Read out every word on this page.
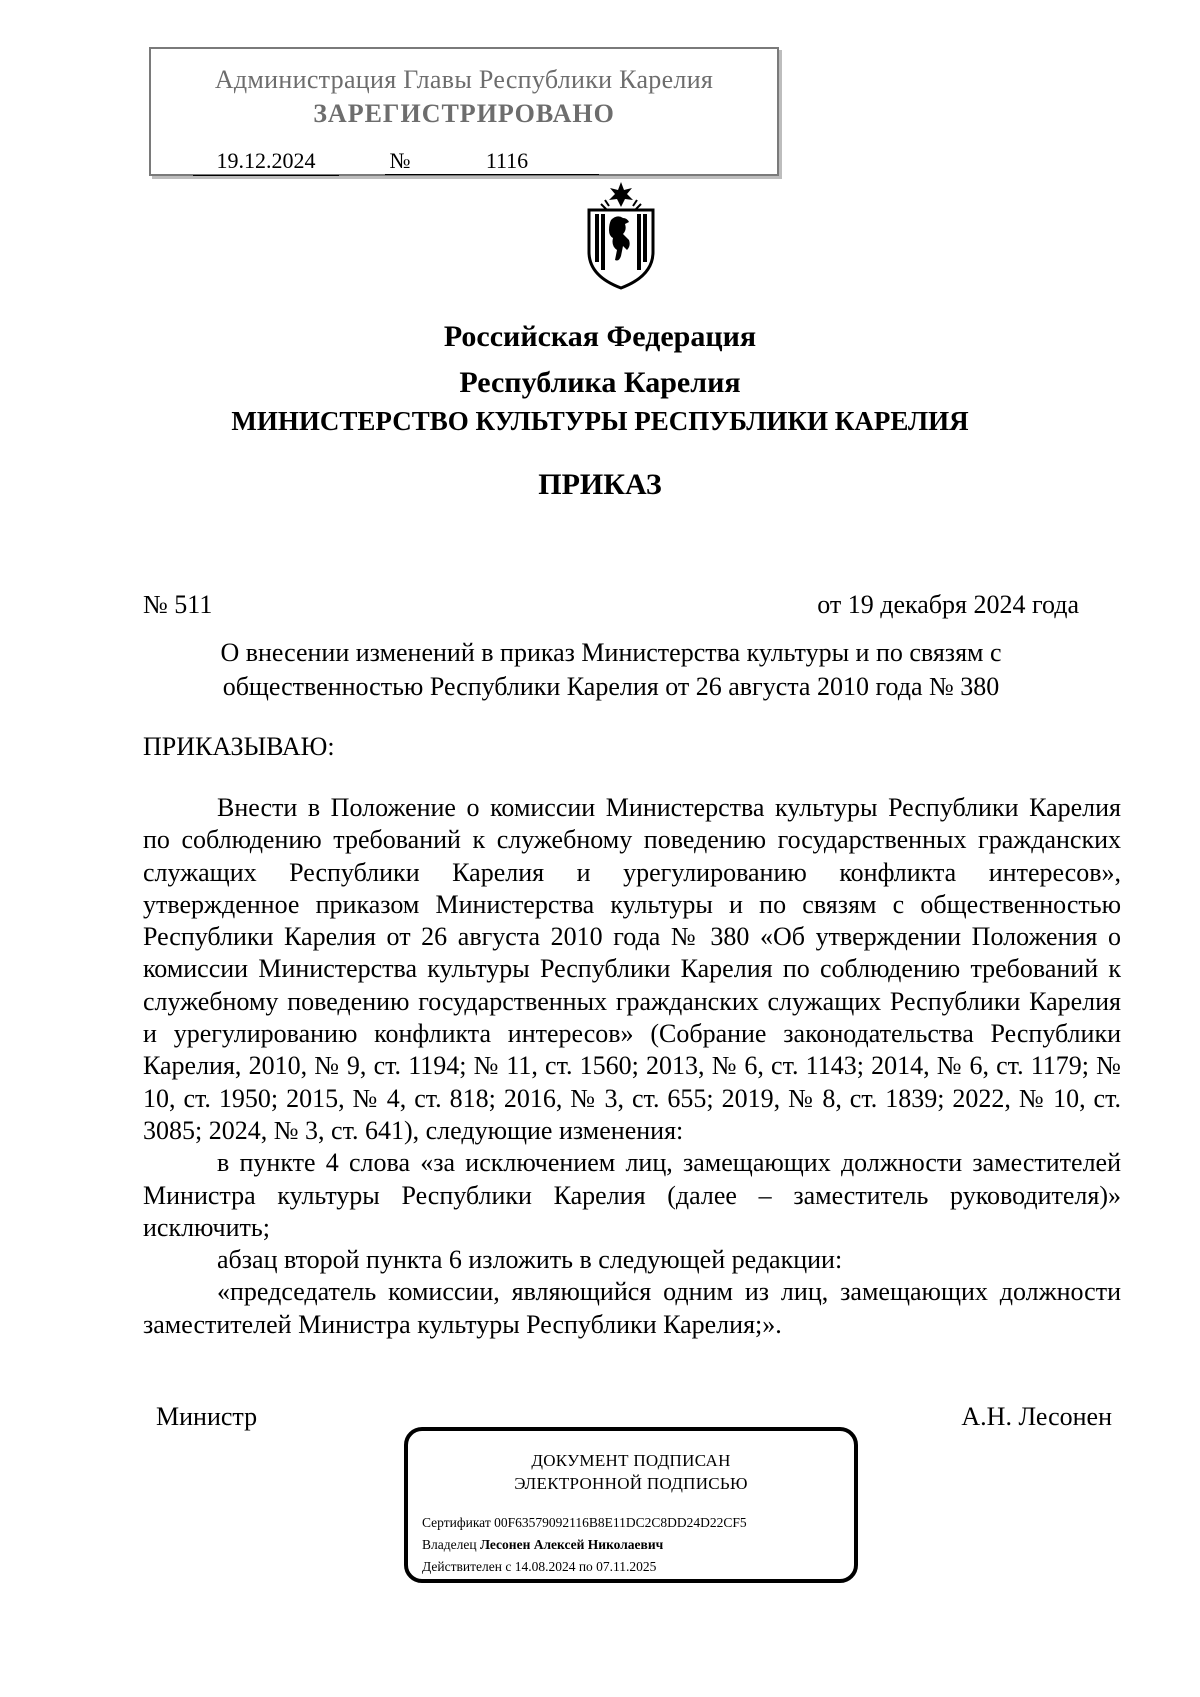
Администрация Главы Республики Карелия
ЗАРЕГИСТРИРОВАНО
19.12.2024	1116
№
Российская Федерация
Республика Карелия
МИНИСТЕРСТВО КУЛЬТУРЫ РЕСПУБЛИКИ КАРЕЛИЯ
ПРИКАЗ
№ 511	от 19 декабря 2024 года
О внесении изменений в приказ Министерства культуры и по связям с
общественностью Республики Карелия от 26 августа 2010 года № 380
ПРИКАЗЫВАЮ:

Внести в Положение о комиссии Министерства культуры Республики Карелия по соблюдению требований к служебному поведению государственных гражданских служащих Республики Карелия и урегулированию конфликта интересов», утвержденное приказом Министерства культуры и по связям с общественностью Республики Карелия от 26 августа 2010 года № 380 «Об утверждении Положения о комиссии Министерства культуры Республики Карелия по соблюдению требований к служебному поведению государственных гражданских служащих Республики Карелия и урегулированию конфликта интересов» (Собрание законодательства Республики Карелия, 2010, № 9, ст. 1194; № 11, ст. 1560; 2013, № 6, ст. 1143; 2014, № 6, ст. 1179; № 10, ст. 1950; 2015, № 4, ст. 818; 2016, № 3, ст. 655; 2019, № 8, ст. 1839; 2022, № 10, ст. 3085; 2024, № 3, ст. 641), следующие изменения:

в пункте 4 слова «за исключением лиц, замещающих должности заместителей Министра культуры Республики Карелия (далее – заместитель руководителя)» исключить;

абзац второй пункта 6 изложить в следующей редакции:

«председатель комиссии, являющийся одним из лиц, замещающих должности заместителей Министра культуры Республики Карелия;».

Министр	А.Н. Лесонен
ДОКУМЕНТ ПОДПИСАН
ЭЛЕКТРОННОЙ ПОДПИСЬЮ
Сертификат 00F63579092116B8E11DC2C8DD24D22CF5
Владелец Лесонен Алексей Николаевич
Действителен с 14.08.2024 по 07.11.2025
